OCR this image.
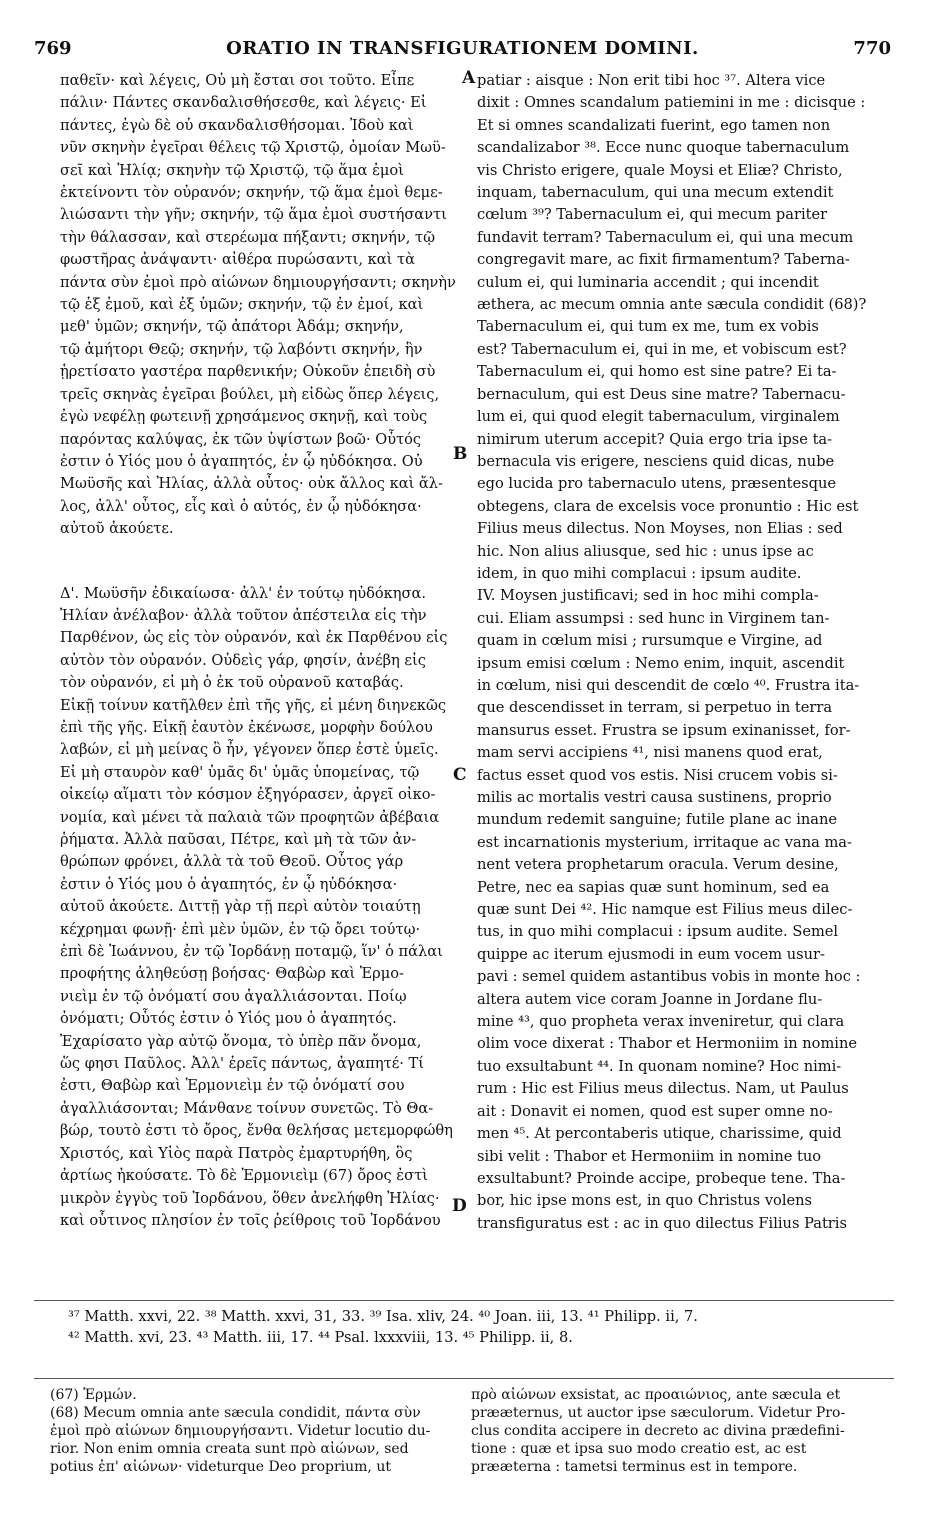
769	ORATIO IN TRANSFIGURATIONEM DOMINI.	770

παθεῖν· καὶ λέγεις, Οὐ μὴ ἔσται σοι τοῦτο. Εἶπε
πάλιν· Πάντες σκανδαλισθήσεσθε, καὶ λέγεις· Εἰ
πάντες, ἐγὼ δὲ οὐ σκανδαλισθήσομαι. Ἰδοὺ καὶ
νῦν σκηνὴν ἐγεῖραι θέλεις τῷ Χριστῷ, ὁμοίαν Μωϋ-
σεῖ καὶ Ἠλίᾳ; σκηνὴν τῷ Χριστῷ, τῷ ἅμα ἐμοὶ
ἐκτείνοντι τὸν οὐρανόν; σκηνήν, τῷ ἅμα ἐμοὶ θεμε-
λιώσαντι τὴν γῆν; σκηνήν, τῷ ἅμα ἐμοὶ συστήσαντι
τὴν θάλασσαν, καὶ στερέωμα πήξαντι; σκηνήν, τῷ
φωστῆρας ἀνάψαντι· αἰθέρα πυρώσαντι, καὶ τὰ
πάντα σὺν ἐμοὶ πρὸ αἰώνων δημιουργήσαντι; σκηνὴν
τῷ ἐξ ἐμοῦ, καὶ ἐξ ὑμῶν; σκηνήν, τῷ ἐν ἐμοί, καὶ
μεθ' ὑμῶν; σκηνήν, τῷ ἀπάτορι Ἀδάμ; σκηνήν,
τῷ ἀμήτορι Θεῷ; σκηνήν, τῷ λαβόντι σκηνήν, ἣν
ᾑρετίσατο γαστέρα παρθενικήν; Οὐκοῦν ἐπειδὴ σὺ
τρεῖς σκηνὰς ἐγεῖραι βούλει, μὴ εἰδὼς ὅπερ λέγεις,
ἐγὼ νεφέλῃ φωτεινῇ χρησάμενος σκηνῇ, καὶ τοὺς
παρόντας καλύψας, ἐκ τῶν ὑψίστων βοῶ· Οὗτός
ἐστιν ὁ Υἱός μου ὁ ἀγαπητός, ἐν ᾧ ηὐδόκησα. Οὐ
Μωϋσῆς καὶ Ἠλίας, ἀλλὰ οὗτος· οὐκ ἄλλος καὶ ἄλ-
λος, ἀλλ' οὗτος, εἷς καὶ ὁ αὐτός, ἐν ᾧ ηὐδόκησα·
αὐτοῦ ἀκούετε.

Δ'. Μωϋσῆν ἐδικαίωσα· ἀλλ' ἐν τούτῳ ηὐδόκησα.
Ἠλίαν ἀνέλαβον· ἀλλὰ τοῦτον ἀπέστειλα εἰς τὴν
Παρθένον, ὡς εἰς τὸν οὐρανόν, καὶ ἐκ Παρθένου εἰς
αὐτὸν τὸν οὐρανόν. Οὐδεὶς γάρ, φησίν, ἀνέβη εἰς
τὸν οὐρανόν, εἰ μὴ ὁ ἐκ τοῦ οὐρανοῦ καταβάς.
Εἰκῇ τοίνυν κατῆλθεν ἐπὶ τῆς γῆς, εἰ μένη διηνεκῶς
ἐπὶ τῆς γῆς. Εἰκῇ ἑαυτὸν ἐκένωσε, μορφὴν δούλου
λαβών, εἰ μὴ μείνας ὃ ἦν, γέγονεν ὅπερ ἐστὲ ὑμεῖς.
Εἰ μὴ σταυρὸν καθ' ὑμᾶς δι' ὑμᾶς ὑπομείνας, τῷ
οἰκείῳ αἵματι τὸν κόσμον ἐξηγόρασεν, ἀργεῖ οἰκο-
νομία, καὶ μένει τὰ παλαιὰ τῶν προφητῶν ἀβέβαια
ῥήματα. Ἀλλὰ παῦσαι, Πέτρε, καὶ μὴ τὰ τῶν ἀν-
θρώπων φρόνει, ἀλλὰ τὰ τοῦ Θεοῦ. Οὗτος γάρ
ἐστιν ὁ Υἱός μου ὁ ἀγαπητός, ἐν ᾧ ηὐδόκησα·
αὐτοῦ ἀκούετε. Διττῇ γὰρ τῇ περὶ αὐτὸν τοιαύτῃ
κέχρημαι φωνῇ· ἐπὶ μὲν ὑμῶν, ἐν τῷ ὄρει τούτῳ·
ἐπὶ δὲ Ἰωάννου, ἐν τῷ Ἰορδάνῃ ποταμῷ, ἵν' ὁ πάλαι
προφήτης ἀληθεύσῃ βοήσας· Θαβὼρ καὶ Ἑρμο-
νιεὶμ ἐν τῷ ὀνόματί σου ἀγαλλιάσονται. Ποίῳ
ὀνόματι; Οὗτός ἐστιν ὁ Υἱός μου ὁ ἀγαπητός.
Ἐχαρίσατο γὰρ αὐτῷ ὄνομα, τὸ ὑπὲρ πᾶν ὄνομα,
ὥς φησι Παῦλος. Ἀλλ' ἐρεῖς πάντως, ἀγαπητέ· Τί
ἐστι, Θαβὼρ καὶ Ἑρμονιεὶμ ἐν τῷ ὀνόματί σου
ἀγαλλιάσονται; Μάνθανε τοίνυν συνετῶς. Τὸ Θα-
βώρ, τουτὸ ἐστι τὸ ὄρος, ἔνθα θελήσας μετεμορφώθη
Χριστός, καὶ Υἱὸς παρὰ Πατρὸς ἐμαρτυρήθη, ὃς
ἀρτίως ἠκούσατε. Τὸ δὲ Ἑρμονιεὶμ (67) ὄρος ἐστὶ
μικρὸν ἐγγὺς τοῦ Ἰορδάνου, ὅθεν ἀνελήφθη Ἠλίας·
καὶ οὗτινος πλησίον ἐν τοῖς ῥείθροις τοῦ Ἰορδάνου

A
B
C
D

patiar : aisque : Non erit tibi hoc ³⁷. Altera vice
dixit : Omnes scandalum patiemini in me : dicisque :
Et si omnes scandalizati fuerint, ego tamen non
scandalizabor ³⁸. Ecce nunc quoque tabernaculum
vis Christo erigere, quale Moysi et Eliæ? Christo,
inquam, tabernaculum, qui una mecum extendit
cœlum ³⁹? Tabernaculum ei, qui mecum pariter
fundavit terram? Tabernaculum ei, qui una mecum
congregavit mare, ac fixit firmamentum? Taberna-
culum ei, qui luminaria accendit ; qui incendit
æthera, ac mecum omnia ante sæcula condidit (68)?
Tabernaculum ei, qui tum ex me, tum ex vobis
est? Tabernaculum ei, qui in me, et vobiscum est?
Tabernaculum ei, qui homo est sine patre? Ei ta-
bernaculum, qui est Deus sine matre? Tabernacu-
lum ei, qui quod elegit tabernaculum, virginalem
nimirum uterum accepit? Quia ergo tria ipse ta-
bernacula vis erigere, nesciens quid dicas, nube
ego lucida pro tabernaculo utens, præsentesque
obtegens, clara de excelsis voce pronuntio : Hic est
Filius meus dilectus. Non Moyses, non Elias : sed
hic. Non alius aliusque, sed hic : unus ipse ac
idem, in quo mihi complacui : ipsum audite.

IV. Moysen justificavi; sed in hoc mihi compla-
cui. Eliam assumpsi : sed hunc in Virginem tan-
quam in cœlum misi ; rursumque e Virgine, ad
ipsum emisi cœlum : Nemo enim, inquit, ascendit
in cœlum, nisi qui descendit de cœlo ⁴⁰. Frustra ita-
que descendisset in terram, si perpetuo in terra
mansurus esset. Frustra se ipsum exinanisset, for-
mam servi accipiens ⁴¹, nisi manens quod erat,
factus esset quod vos estis. Nisi crucem vobis si-
milis ac mortalis vestri causa sustinens, proprio
mundum redemit sanguine; futile plane ac inane
est incarnationis mysterium, irritaque ac vana ma-
nent vetera prophetarum oracula. Verum desine,
Petre, nec ea sapias quæ sunt hominum, sed ea
quæ sunt Dei ⁴². Hic namque est Filius meus dilec-
tus, in quo mihi complacui : ipsum audite. Semel
quippe ac iterum ejusmodi in eum vocem usur-
pavi : semel quidem astantibus vobis in monte hoc :
altera autem vice coram Joanne in Jordane flu-
mine ⁴³, quo propheta verax inveniretur, qui clara
olim voce dixerat : Thabor et Hermoniim in nomine
tuo exsultabunt ⁴⁴. In quonam nomine? Hoc nimi-
rum : Hic est Filius meus dilectus. Nam, ut Paulus
ait : Donavit ei nomen, quod est super omne no-
men ⁴⁵. At percontaberis utique, charissime, quid
sibi velit : Thabor et Hermoniim in nomine tuo
exsultabunt? Proinde accipe, probeque tene. Tha-
bor, hic ipse mons est, in quo Christus volens
transfiguratus est : ac in quo dilectus Filius Patris

³⁷ Matth. xxvi, 22. ³⁸ Matth. xxvi, 31, 33. ³⁹ Isa. xliv, 24. ⁴⁰ Joan. iii, 13. ⁴¹ Philipp. ii, 7.
⁴² Matth. xvi, 23. ⁴³ Matth. iii, 17. ⁴⁴ Psal. lxxxviii, 13. ⁴⁵ Philipp. ii, 8.

(67) Ἑρμών.
(68) Mecum omnia ante sæcula condidit, πάντα σὺν
ἐμοὶ πρὸ αἰώνων δημιουργήσαντι. Videtur locutio du-
rior. Non enim omnia creata sunt πρὸ αἰώνων, sed
potius ἐπ' αἰώνων· videturque Deo proprium, ut

πρὸ αἰώνων exsistat, ac προαιώνιος, ante sæcula et
prææternus, ut auctor ipse sæculorum. Videtur Pro-
clus condita accipere in decreto ac divina prædefini-
tione : quæ et ipsa suo modo creatio est, ac est
prææterna : tametsi terminus est in tempore.
